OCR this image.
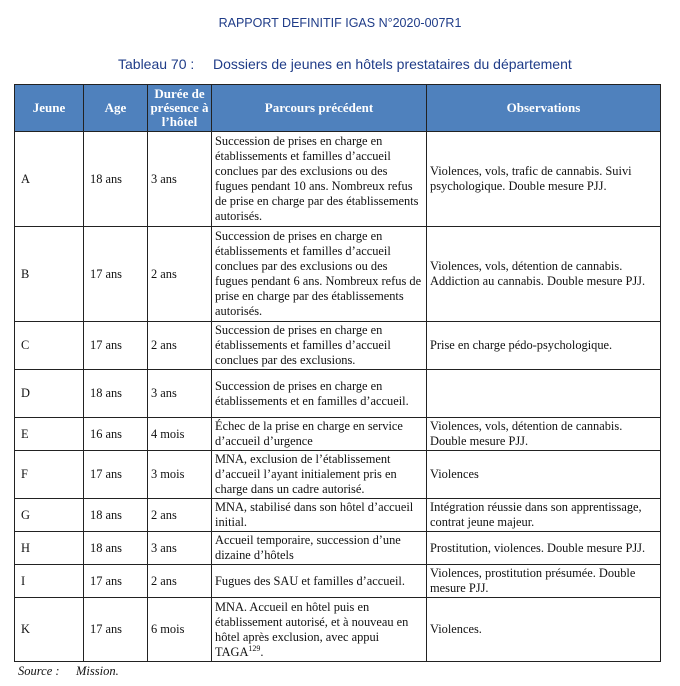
RAPPORT DEFINITIF IGAS N°2020-007R1
Tableau 70 : Dossiers de jeunes en hôtels prestataires du département
Jeune	Age	Durée de présence à l’hôtel	Parcours précédent	Observations
A	18 ans	3 ans	Succession de prises en charge en établissements et familles d’accueil conclues par des exclusions ou des fugues pendant 10 ans. Nombreux refus de prise en charge par des établissements autorisés.	Violences, vols, trafic de cannabis. Suivi psychologique. Double mesure PJJ.
B	17 ans	2 ans	Succession de prises en charge en établissements et familles d’accueil conclues par des exclusions ou des fugues pendant 6 ans. Nombreux refus de prise en charge par des établissements autorisés.	Violences, vols, détention de cannabis. Addiction au cannabis. Double mesure PJJ.
C	17 ans	2 ans	Succession de prises en charge en établissements et familles d’accueil conclues par des exclusions.	Prise en charge pédo-psychologique.
D	18 ans	3 ans	Succession de prises en charge en établissements et en familles d’accueil.	
E	16 ans	4 mois	Échec de la prise en charge en service d’accueil d’urgence	Violences, vols, détention de cannabis. Double mesure PJJ.
F	17 ans	3 mois	MNA, exclusion de l’établissement d’accueil l’ayant initialement pris en charge dans un cadre autorisé.	Violences
G	18 ans	2 ans	MNA, stabilisé dans son hôtel d’accueil initial.	Intégration réussie dans son apprentissage, contrat jeune majeur.
H	18 ans	3 ans	Accueil temporaire, succession d’une dizaine d’hôtels	Prostitution, violences. Double mesure PJJ.
I	17 ans	2 ans	Fugues des SAU et familles d’accueil.	Violences, prostitution présumée. Double mesure PJJ.
K	17 ans	6 mois	MNA. Accueil en hôtel puis en établissement autorisé, et à nouveau en hôtel après exclusion, avec appui TAGA$^{129}$.	Violences.
Source : Mission.
